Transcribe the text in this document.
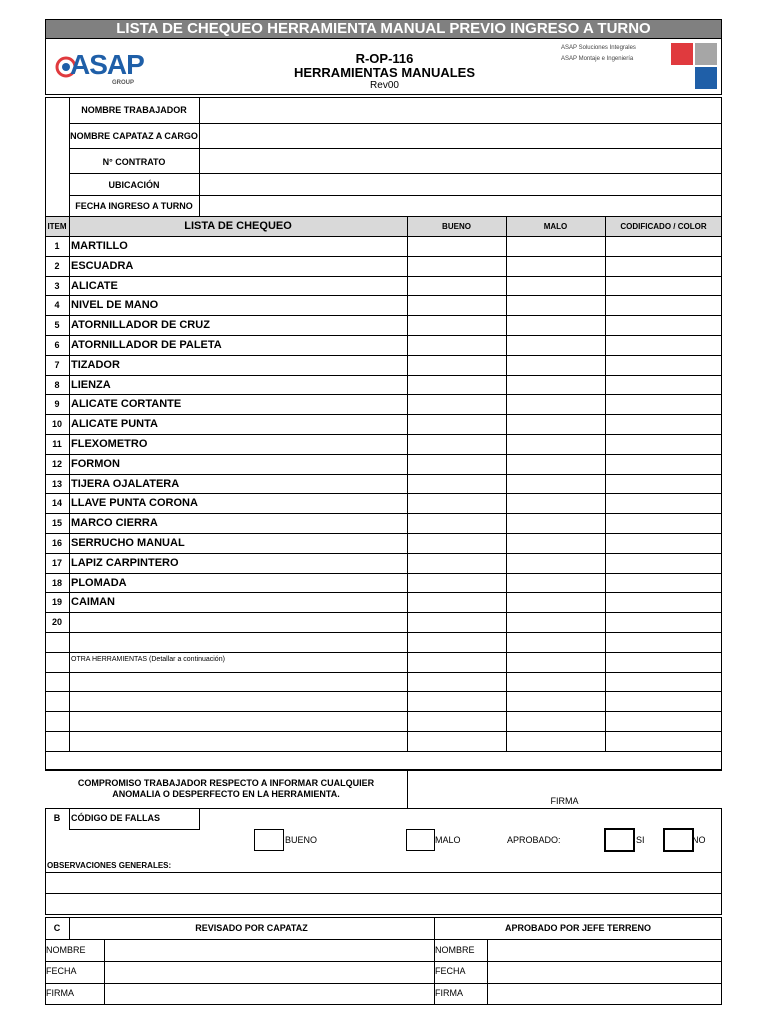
LISTA DE CHEQUEO HERRAMIENTA MANUAL PREVIO INGRESO A TURNO
ASAP
GROUP
R-OP-116
HERRAMIENTAS MANUALES
Rev00
ASAP Soluciones Integrales
ASAP Montaje e Ingeniería
NOMBRE TRABAJADOR
NOMBRE CAPATAZ A CARGO
N° CONTRATO
UBICACIÓN
FECHA INGRESO A TURNO
ITEM	LISTA DE CHEQUEO	BUENO	MALO	CODIFICADO / COLOR
1	MARTILLO
2	ESCUADRA
3	ALICATE
4	NIVEL DE MANO
5	ATORNILLADOR DE CRUZ
6	ATORNILLADOR DE PALETA
7	TIZADOR
8	LIENZA
9	ALICATE CORTANTE
10 ALICATE PUNTA
11 FLEXOMETRO
12 FORMON
13 TIJERA OJALATERA
14 LLAVE PUNTA CORONA
15 MARCO CIERRA
16 SERRUCHO MANUAL
17 LAPIZ CARPINTERO
18 PLOMADA
19 CAIMAN
20
OTRA HERRAMIENTAS (Detallar a continuación)
COMPROMISO TRABAJADOR RESPECTO A INFORMAR CUALQUIER
ANOMALIA O DESPERFECTO EN LA HERRAMIENTA.
FIRMA
B	CÓDIGO DE FALLAS
BUENO	MALO	APROBADO:	SI	NO
OBSERVACIONES GENERALES:
C	REVISADO POR CAPATAZ	APROBADO POR JEFE TERRENO
NOMBRE
FECHA
FIRMA
NOMBRE
FECHA
FIRMA
